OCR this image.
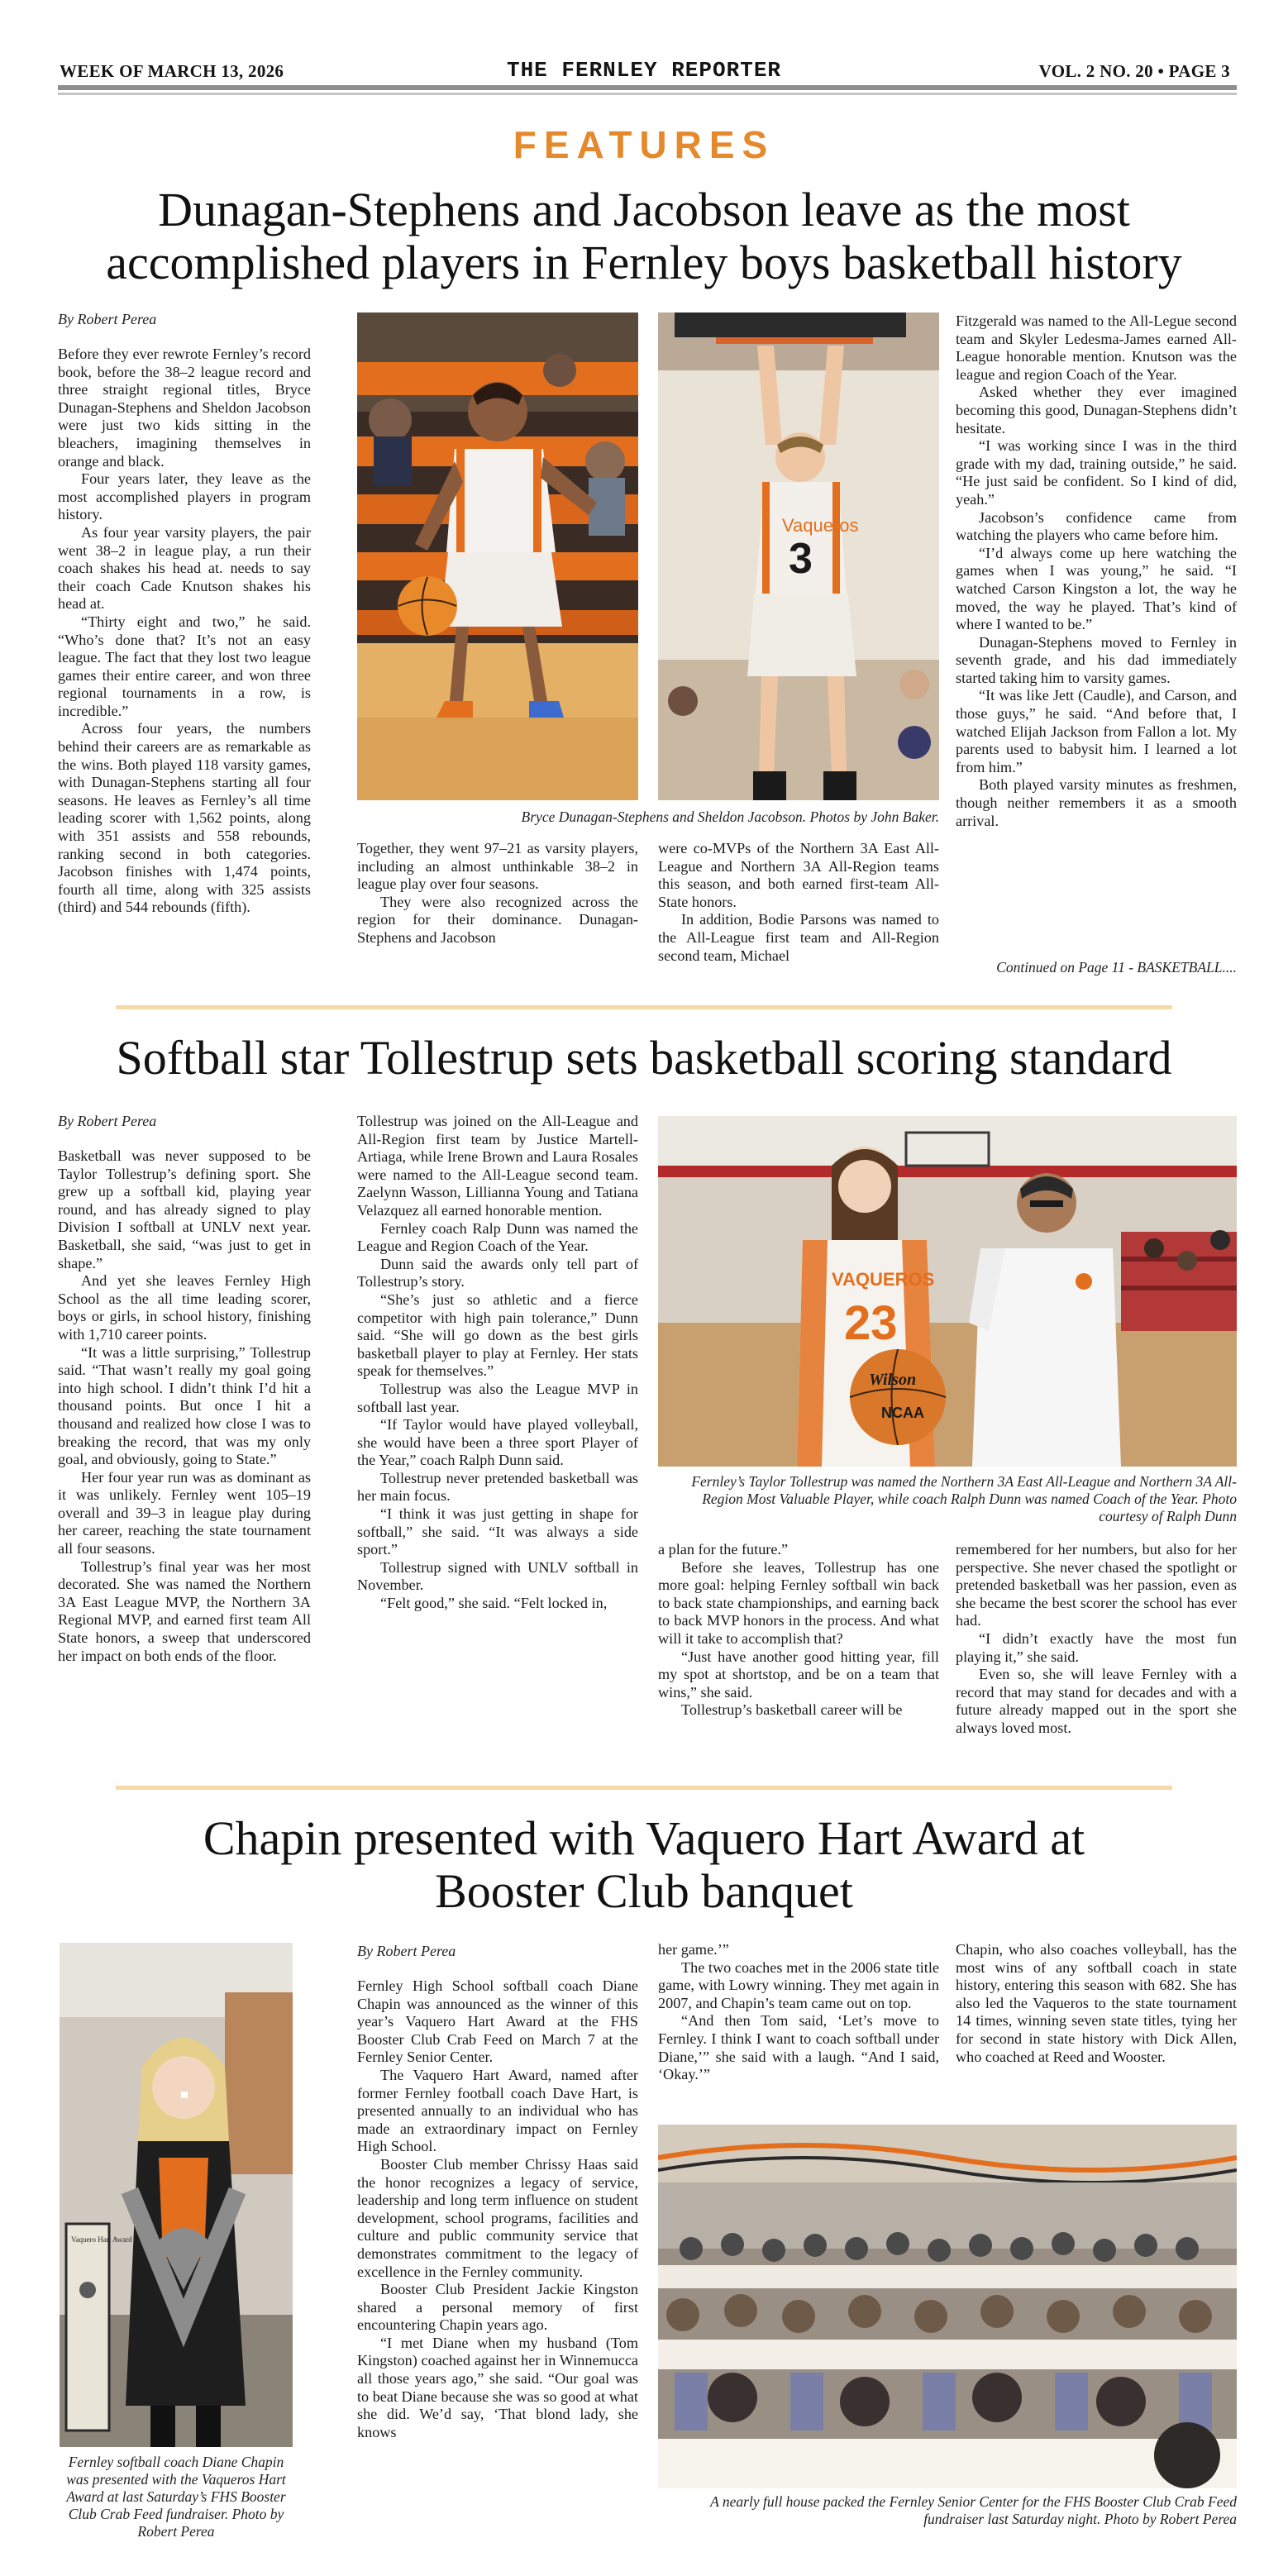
WEEK OF MARCH 13, 2026	THE FERNLEY REPORTER	VOL. 2 NO. 20 • PAGE 3
FEATURES
Dunagan-Stephens and Jacobson leave as the most
accomplished players in Fernley boys basketball history
By Robert Perea

Before they ever rewrote Fernley’s record book, before the 38–2 league record and three straight regional titles, Bryce Dunagan-Stephens and Sheldon Jacobson were just two kids sitting in the bleachers, imagining themselves in orange and black.

Four years later, they leave as the most accomplished players in program history.

As four year varsity players, the pair went 38–2 in league play, a run their coach shakes his head at. needs to say their coach Cade Knutson shakes his head at.

“Thirty eight and two,” he said. “Who’s done that? It’s not an easy league. The fact that they lost two league games their entire career, and won three regional tournaments in a row, is incredible.”

Across four years, the numbers behind their careers are as remarkable as the wins. Both played 118 varsity games, with Dunagan-Stephens starting all four seasons. He leaves as Fernley’s all time leading scorer with 1,562 points, along with 351 assists and 558 rebounds, ranking second in both categories. Jacobson finishes with 1,474 points, fourth all time, along with 325 assists (third) and 544 rebounds (fifth).

Vaqueros
3
Bryce Dunagan-Stephens and Sheldon Jacobson. Photos by John Baker.

Together, they went 97–21 as varsity players, including an almost unthinkable 38–2 in league play over four seasons.

They were also recognized across the region for their dominance. Dunagan-Stephens and Jacobson

were co-MVPs of the Northern 3A East All-League and Northern 3A All-Region teams this season, and both earned first-team All-State honors.

In addition, Bodie Parsons was named to the All-League first team and All-Region second team, Michael

Fitzgerald was named to the All-Legue second team and Skyler Ledesma-James earned All-League honorable mention. Knutson was the league and region Coach of the Year.

Asked whether they ever imagined becoming this good, Dunagan-Stephens didn’t hesitate.

“I was working since I was in the third grade with my dad, training outside,” he said. “He just said be confident. So I kind of did, yeah.”

Jacobson’s confidence came from watching the players who came before him.

“I’d always come up here watching the games when I was young,” he said. “I watched Carson Kingston a lot, the way he moved, the way he played. That’s kind of where I wanted to be.”

Dunagan-Stephens moved to Fernley in seventh grade, and his dad immediately started taking him to varsity games.

“It was like Jett (Caudle), and Carson, and those guys,” he said. “And before that, I watched Elijah Jackson from Fallon a lot. My parents used to babysit him. I learned a lot from him.”

Both played varsity minutes as freshmen, though neither remembers it as a smooth arrival.

Continued on Page 11 - BASKETBALL....
Softball star Tollestrup sets basketball scoring standard
By Robert Perea

Basketball was never supposed to be Taylor Tollestrup’s defining sport. She grew up a softball kid, playing year round, and has already signed to play Division I softball at UNLV next year. Basketball, she said, “was just to get in shape.”

And yet she leaves Fernley High School as the all time leading scorer, boys or girls, in school history, finishing with 1,710 career points.

“It was a little surprising,” Tollestrup said. “That wasn’t really my goal going into high school. I didn’t think I’d hit a thousand points. But once I hit a thousand and realized how close I was to breaking the record, that was my only goal, and obviously, going to State.”

Her four year run was as dominant as it was unlikely. Fernley went 105–19 overall and 39–3 in league play during her career, reaching the state tournament all four seasons.

Tollestrup’s final year was her most decorated. She was named the Northern 3A East League MVP, the Northern 3A Regional MVP, and earned first team All State honors, a sweep that underscored her impact on both ends of the floor.

Tollestrup was joined on the All-League and All-Region first team by Justice Martell-Artiaga, while Irene Brown and Laura Rosales were named to the All-League second team. Zaelynn Wasson, Lillianna Young and Tatiana Velazquez all earned honorable mention.

Fernley coach Ralp Dunn was named the League and Region Coach of the Year.

Dunn said the awards only tell part of Tollestrup’s story.

“She’s just so athletic and a fierce competitor with high pain tolerance,” Dunn said. “She will go down as the best girls basketball player to play at Fernley. Her stats speak for themselves.”

Tollestrup was also the League MVP in softball last year.

“If Taylor would have played volleyball, she would have been a three sport Player of the Year,” coach Ralph Dunn said.

Tollestrup never pretended basketball was her main focus.

“I think it was just getting in shape for softball,” she said. “It was always a side sport.”

Tollestrup signed with UNLV softball in November.

“Felt good,” she said. “Felt locked in,

VAQUEROS
23
Wilson
NCAA
Fernley’s Taylor Tollestrup was named the Northern 3A East All-League and Northern 3A All-Region Most Valuable Player, while coach Ralph Dunn was named Coach of the Year. Photo courtesy of Ralph Dunn

a plan for the future.”

Before she leaves, Tollestrup has one more goal: helping Fernley softball win back to back state championships, and earning back to back MVP honors in the process. And what will it take to accomplish that?

“Just have another good hitting year, fill my spot at shortstop, and be on a team that wins,” she said.

Tollestrup’s basketball career will be

remembered for her numbers, but also for her perspective. She never chased the spotlight or pretended basketball was her passion, even as she became the best scorer the school has ever had.

“I didn’t exactly have the most fun playing it,” she said.

Even so, she will leave Fernley with a record that may stand for decades and with a future already mapped out in the sport she always loved most.

Chapin presented with Vaquero Hart Award at
Booster Club banquet
Vaquero Hart Award
Fernley softball coach Diane Chapin was presented with the Vaqueros Hart Award at last Saturday’s FHS Booster Club Crab Feed fundraiser. Photo by Robert Perea
By Robert Perea

Fernley High School softball coach Diane Chapin was announced as the winner of this year’s Vaquero Hart Award at the FHS Booster Club Crab Feed on March 7 at the Fernley Senior Center.

The Vaquero Hart Award, named after former Fernley football coach Dave Hart, is presented annually to an individual who has made an extraordinary impact on Fernley High School.

Booster Club member Chrissy Haas said the honor recognizes a legacy of service, leadership and long term influence on student development, school programs, facilities and culture and public community service that demonstrates commitment to the legacy of excellence in the Fernley community.

Booster Club President Jackie Kingston shared a personal memory of first encountering Chapin years ago.

“I met Diane when my husband (Tom Kingston) coached against her in Winnemucca all those years ago,” she said. “Our goal was to beat Diane because she was so good at what she did. We’d say, ‘That blond lady, she knows

her game.’”

The two coaches met in the 2006 state title game, with Lowry winning. They met again in 2007, and Chapin’s team came out on top.

“And then Tom said, ‘Let’s move to Fernley. I think I want to coach softball under Diane,’” she said with a laugh. “And I said, ‘Okay.’”

Chapin, who also coaches volleyball, has the most wins of any softball coach in state history, entering this season with 682. She has also led the Vaqueros to the state tournament 14 times, winning seven state titles, tying her for second in state history with Dick Allen, who coached at Reed and Wooster.

A nearly full house packed the Fernley Senior Center for the FHS Booster Club Crab Feed fundraiser last Saturday night. Photo by Robert Perea
